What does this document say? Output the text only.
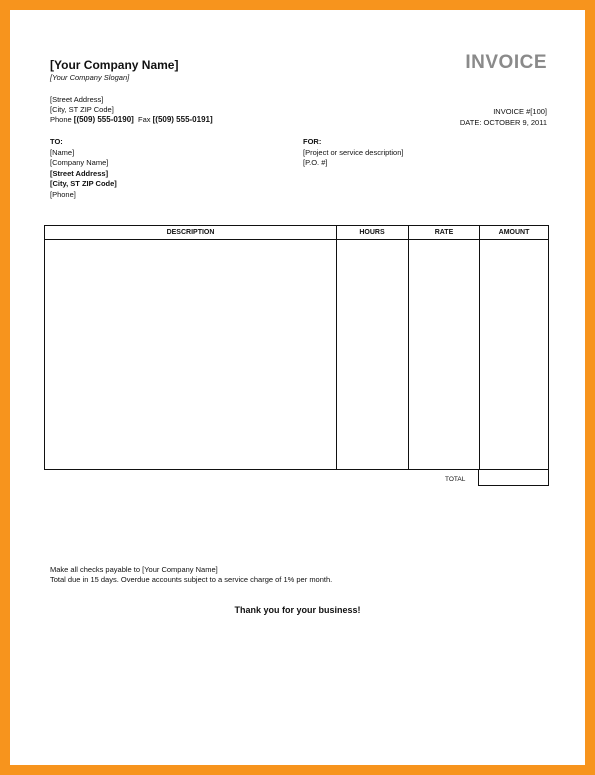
[Your Company Name]
[Your Company Slogan]
INVOICE
[Street Address]
[City, ST ZIP Code]
Phone [(509) 555-0190] Fax [(509) 555-0191]
INVOICE #[100]
DATE: OCTOBER 9, 2011
TO:
[Name]
[Company Name]
[Street Address]
[City, ST ZIP Code]
[Phone]
FOR:
[Project or service description]
[P.O. #]
DESCRIPTION	HOURS	RATE	AMOUNT
TOTAL
Make all checks payable to [Your Company Name]
Total due in 15 days. Overdue accounts subject to a service charge of 1% per month.
Thank you for your business!
